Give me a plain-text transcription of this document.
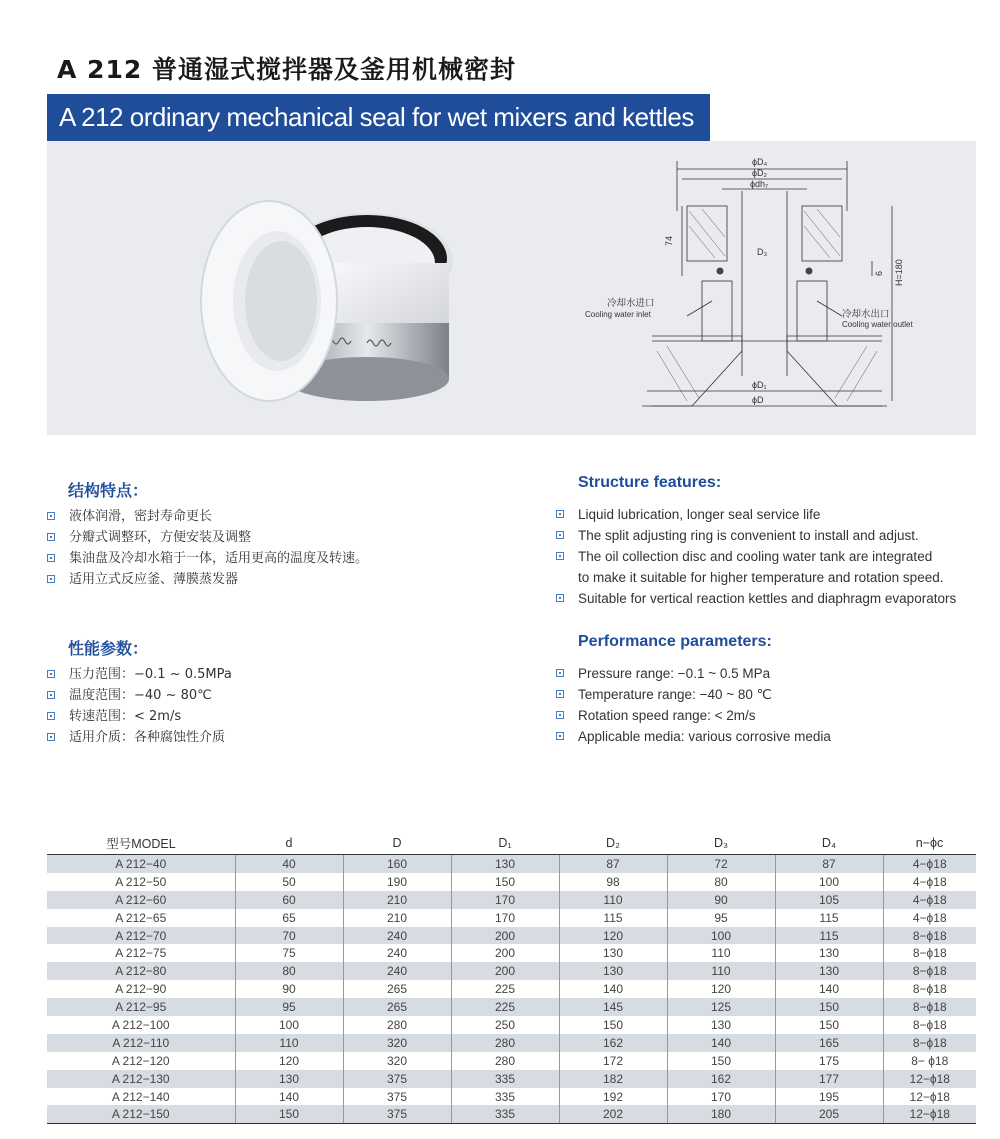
A 212 普通湿式搅拌器及釜用机械密封
A 212 ordinary mechanical seal for wet mixers and kettles
ϕD₄
ϕD₂
ϕdh₇
D₃
ϕD₁
ϕD
74
6 H=180
冷却水进口
Cooling water inlet	冷却水出口
Cooling water outlet
结构特点：
液体润滑，密封寿命更长
分瓣式调整环，方便安装及调整
集油盘及冷却水箱于一体，适用更高的温度及转速。
适用立式反应釜、薄膜蒸发器
Structure features:
Liquid lubrication, longer seal service life
The split adjusting ring is convenient to install and adjust.
The oil collection disc and cooling water tank are integrated
to make it suitable for higher temperature and rotation speed.
Suitable for vertical reaction kettles and diaphragm evaporators
性能参数：
压力范围：−0.1 ~ 0.5MPa
温度范围：−40 ~ 80℃
转速范围：< 2m/s
适用介质：各种腐蚀性介质
Performance parameters:
Pressure range: −0.1 ~ 0.5 MPa
Temperature range: −40 ~ 80 ℃
Rotation speed range: < 2m/s
Applicable media: various corrosive media
型号MODEL	d	D	D₁	D₂	D₃	D₄	n−ϕc
A 212−40	40	160	130	87	72	87	4−ϕ18
A 212−50	50	190	150	98	80	100	4−ϕ18
A 212−60	60	210	170	110	90	105	4−ϕ18
A 212−65	65	210	170	115	95	115	4−ϕ18
A 212−70	70	240	200	120	100	115	8−ϕ18
A 212−75	75	240	200	130	110	130	8−ϕ18
A 212−80	80	240	200	130	110	130	8−ϕ18
A 212−90	90	265	225	140	120	140	8−ϕ18
A 212−95	95	265	225	145	125	150	8−ϕ18
A 212−100	100	280	250	150	130	150	8−ϕ18
A 212−110	110	320	280	162	140	165	8−ϕ18
A 212−120	120	320	280	172	150	175	8− ϕ18
A 212−130	130	375	335	182	162	177	12−ϕ18
A 212−140	140	375	335	192	170	195	12−ϕ18
A 212−150	150	375	335	202	180	205	12−ϕ18
